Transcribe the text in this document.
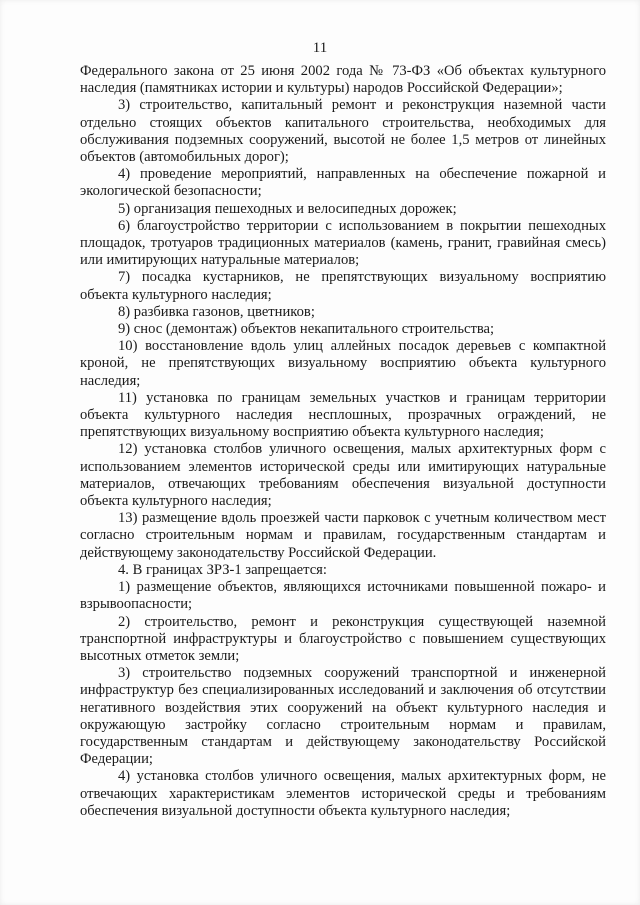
11

Федерального закона от 25 июня 2002 года № 73-ФЗ «Об объектах культурного наследия (памятниках истории и культуры) народов Российской Федерации»;

3) строительство, капитальный ремонт и реконструкция наземной части отдельно стоящих объектов капитального строительства, необходимых для обслуживания подземных сооружений, высотой не более 1,5 метров от линейных объектов (автомобильных дорог);

4) проведение мероприятий, направленных на обеспечение пожарной и экологической безопасности;

5) организация пешеходных и велосипедных дорожек;

6) благоустройство территории с использованием в покрытии пешеходных площадок, тротуаров традиционных материалов (камень, гранит, гравийная смесь) или имитирующих натуральные материалов;

7) посадка кустарников, не препятствующих визуальному восприятию объекта культурного наследия;

8) разбивка газонов, цветников;

9) снос (демонтаж) объектов некапитального строительства;

10) восстановление вдоль улиц аллейных посадок деревьев с компактной кроной, не препятствующих визуальному восприятию объекта культурного наследия;

11) установка по границам земельных участков и границам территории объекта культурного наследия несплошных, прозрачных ограждений, не препятствующих визуальному восприятию объекта культурного наследия;

12) установка столбов уличного освещения, малых архитектурных форм с использованием элементов исторической среды или имитирующих натуральные материалов, отвечающих требованиям обеспечения визуальной доступности объекта культурного наследия;

13) размещение вдоль проезжей части парковок с учетным количеством мест согласно строительным нормам и правилам, государственным стандартам и действующему законодательству Российской Федерации.

4. В границах ЗРЗ-1 запрещается:

1) размещение объектов, являющихся источниками повышенной пожаро- и взрывоопасности;

2) строительство, ремонт и реконструкция существующей наземной транспортной инфраструктуры и благоустройство с повышением существующих высотных отметок земли;

3) строительство подземных сооружений транспортной и инженерной инфраструктур без специализированных исследований и заключения об отсутствии негативного воздействия этих сооружений на объект культурного наследия и окружающую застройку согласно строительным нормам и правилам, государственным стандартам и действующему законодательству Российской Федерации;

4) установка столбов уличного освещения, малых архитектурных форм, не отвечающих характеристикам элементов исторической среды и требованиям обеспечения визуальной доступности объекта культурного наследия;
